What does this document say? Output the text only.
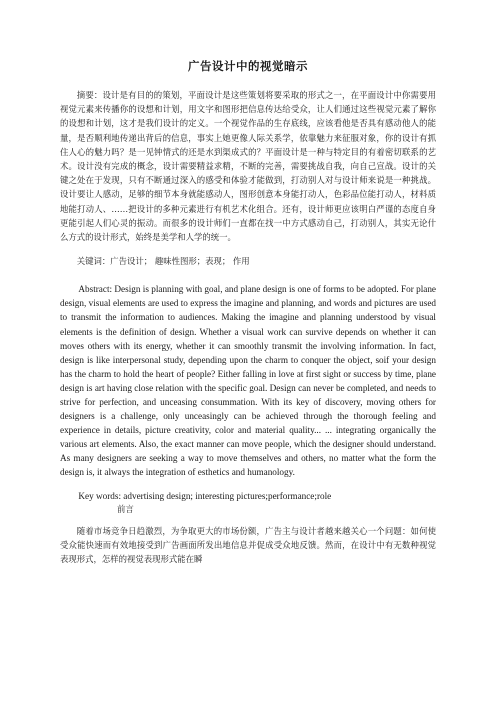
广告设计中的视觉暗示

摘要：设计是有目的的策划，平面设计是这些策划将要采取的形式之一，在平面设计中你需要用视觉元素来传播你的设想和计划，用文字和图形把信息传达给受众，让人们通过这些视觉元素了解你的设想和计划，这才是我们设计的定义。一个视觉作品的生存底线，应该看他是否具有感动他人的能量，是否顺利地传递出背后的信息，事实上她更像人际关系学，依靠魅力来征服对象，你的设计有抓住人心的魅力吗？是一见钟情式的还是水到渠成式的？平面设计是一种与特定目的有着密切联系的艺术。设计没有完成的概念，设计需要精益求精，不断的完善，需要挑战自我，向自己宣战。设计的关键之处在于发现，只有不断通过深入的感受和体验才能做到，打动别人对与设计师来说是一种挑战。设计要让人感动，足够的细节本身就能感动人，图形创意本身能打动人，色彩品位能打动人，材料质地能打动人、……把设计的多种元素进行有机艺术化组合。还有，设计师更应该明白严谨的态度自身更能引起人们心灵的振动。而很多的设计师们一直都在找一中方式感动自己，打动别人，其实无论什么方式的设计形式，始终是美学和人学的统一。

关键词：广告设计； 趣味性图形；表现； 作用

Abstract: Design is planning with goal, and plane design is one of forms to be adopted. For plane design, visual elements are used to express the imagine and planning, and words and pictures are used to transmit the information to audiences. Making the imagine and planning understood by visual elements is the definition of design. Whether a visual work can survive depends on whether it can moves others with its energy, whether it can smoothly transmit the involving information. In fact, design is like interpersonal study, depending upon the charm to conquer the object, soif your design has the charm to hold the heart of people? Either falling in love at first sight or success by time, plane design is art having close relation with the specific goal. Design can never be completed, and needs to strive for perfection, and unceasing consummation. With its key of discovery, moving others for designers is a challenge, only unceasingly can be achieved through the thorough feeling and experience in details, picture creativity, color and material quality... ... integrating organically the various art elements. Also, the exact manner can move people, which the designer should understand. As many designers are seeking a way to move themselves and others, no matter what the form the design is, it always the integration of esthetics and humanology.

Key words: advertising design; interesting pictures;performance;role

前言

随着市场竞争日趋激烈，为争取更大的市场份额，广告主与设计者越来越关心一个问题：如何使受众能快速而有效地接受到广告画面所发出地信息并促成受众地反馈。然而，在设计中有无数种视觉表现形式，怎样的视觉表现形式能在瞬
